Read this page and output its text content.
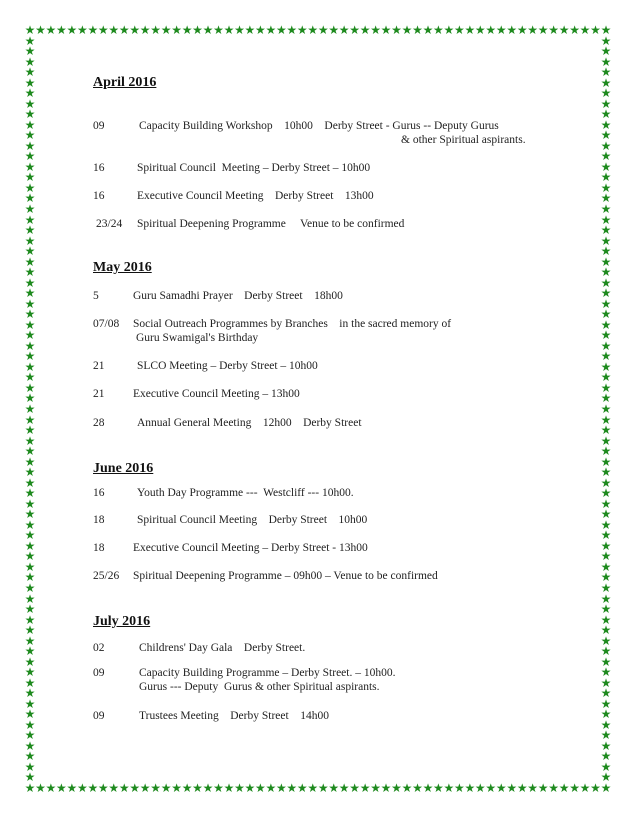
★
★
★
★
★
★
★
★
★
★
★
★
★
★
★
★
★
★
★
★
★
★
★
★
★
★
★
★
★
★
★
★
★
★
★
★
★
★
★
★
★
★
★
★
★
★
★
★
★
★
★
★
★
★
★
★
★
★
★
★
★
★
★
★
★
★
★
★
★
★
★
★
★
★
★
★
★
★
★
★
★
★
★
★
★
★
★
★
★
★
★
★
★
★
★
★
★
★
★
★
★
★
★
★
★
★
★
★
★
★
★
★
★	★
★	★
★	★
★	★
★	★
★	★
★	★
★	★
★	★
★	★
★	★
★	★
★	★
★	★
★	★
★	★
★	★
★	★
★	★
★	★
★	★
★	★
★	★
★	★
★	★
★	★
★	★
★	★
★	★
★	★
★	★
★	★
★	★
★	★
★	★
★	★
★	★
★	★
★	★
★	★
★	★
★	★
★	★
★	★
★	★
★	★
★	★
★	★
★	★
★	★
★	★
★	★
★	★
★	★
★	★
★	★
★	★
★	★
★	★
★	★
★	★
★	★
★	★
★	★
★	★
★	★
★	★
★	★
★	★
★	★
★	★
April 2016
09	Capacity Building Workshop    10h00    Derby Street - Gurus -- Deputy Gurus
& other Spiritual aspirants.
16	Spiritual Council  Meeting – Derby Street – 10h00
16	Executive Council Meeting    Derby Street    13h00
23/24 Spiritual Deepening Programme     Venue to be confirmed
May 2016
5	Guru Samadhi Prayer    Derby Street    18h00
07/08 Social Outreach Programmes by Branches    in the sacred memory of
Guru Swamigal's Birthday
21	SLCO Meeting – Derby Street – 10h00
21 Executive Council Meeting – 13h00
28	Annual General Meeting    12h00    Derby Street
June 2016
16	Youth Day Programme ---  Westcliff --- 10h00.
18	Spiritual Council Meeting    Derby Street    10h00
18 Executive Council Meeting – Derby Street - 13h00
25/26 Spiritual Deepening Programme – 09h00 – Venue to be confirmed
July 2016
02	Childrens' Day Gala    Derby Street.
09	Capacity Building Programme – Derby Street. – 10h00.
Gurus --- Deputy  Gurus & other Spiritual aspirants.
09	Trustees Meeting    Derby Street    14h00
